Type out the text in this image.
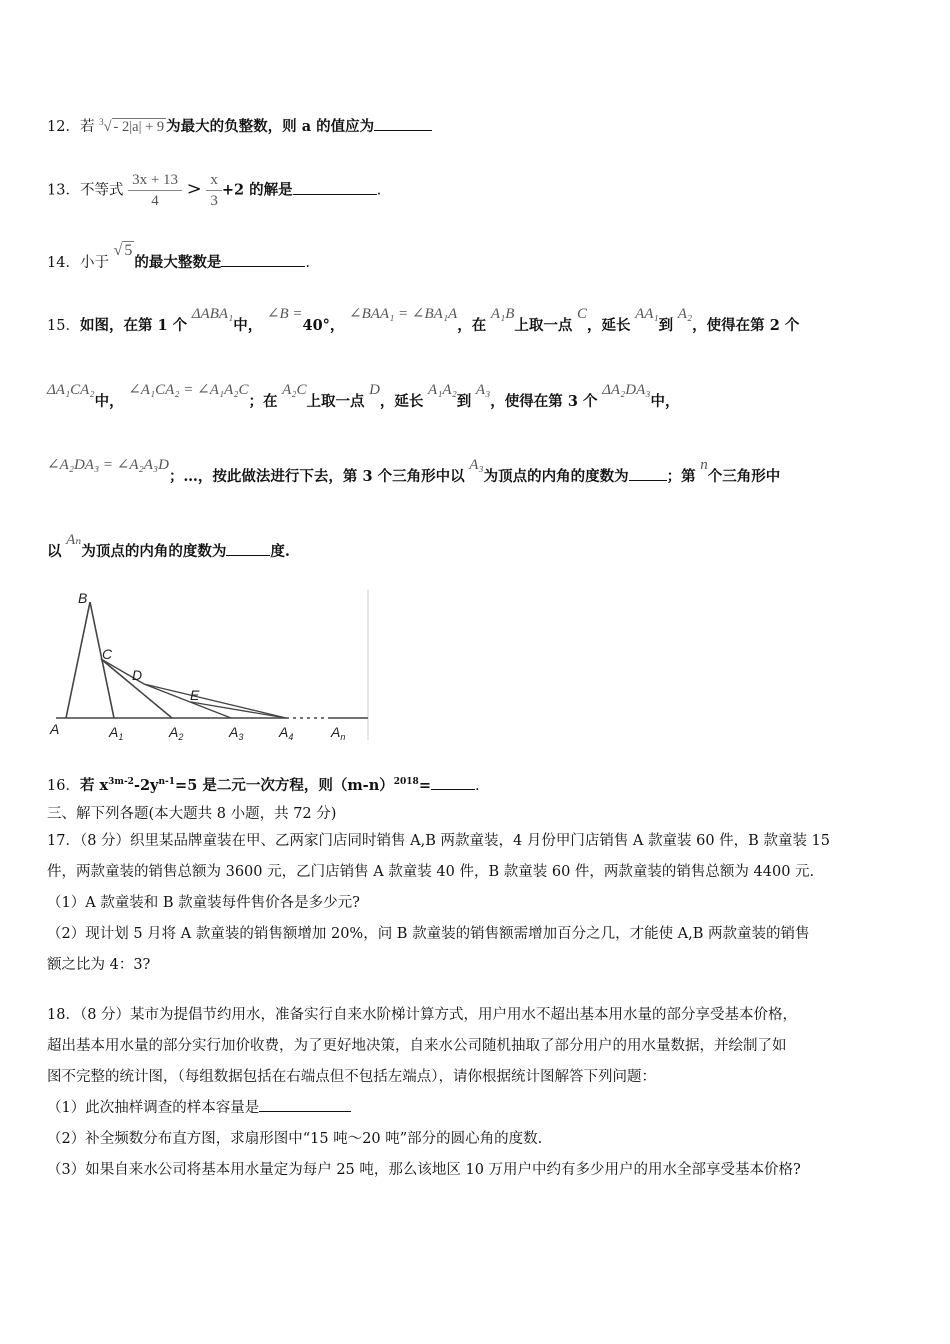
12．若 $^3$√ - 2|a| + 9 为最大的负整数，则 a 的值应为
13．不等式 $\frac{3x + 13}{4} > \frac{x}{3} +2$ 的解是	.
14．小于 √ 5的最大整数是	.
15．如图，在第 1 个 ΔABA₁中， ∠B =40°， ∠BAA₁ = ∠BA₁A，在 A₁B上取一点 C，延长 AA₁到 A₂，使得在第 2 个
ΔA₁CA₂中， ∠A₁CA₂ = ∠A₁A₂C；在 A₂C上取一点 D，延长 A₁A₂到 A₃，使得在第 3 个 ΔA₂DA₃中，
∠A₂DA₃ = ∠A₂A₃D；…，按此做法进行下去，第 3 个三角形中以 A₃为顶点的内角的度数为	；第 n个三角形中
以 Aₙ为顶点的内角的度数为	度.
B
C
D
E
A	$A_1$	$A_2$	$A_3$	$A_4$	$A_n$
16．若 $x^{3m-2}-2y^{n-1}=5$ 是二元一次方程，则$(m-n)^{2018}=$	.
三、解下列各题(本大题共 8 小题，共 72 分)
17．（8 分）织里某品牌童装在甲、乙两家门店同时销售 A,B 两款童装，4 月份甲门店销售 A 款童装 60 件，B 款童装 15
件，两款童装的销售总额为 3600 元，乙门店销售 A 款童装 40 件，B 款童装 60 件，两款童装的销售总额为 4400 元.
（1）A 款童装和 B 款童装每件售价各是多少元?
（2）现计划 5 月将 A 款童装的销售额增加 20%，问 B 款童装的销售额需增加百分之几，才能使 A,B 两款童装的销售
额之比为 4：3?
18．（8 分）某市为提倡节约用水，准备实行自来水阶梯计算方式，用户用水不超出基本用水量的部分享受基本价格，
超出基本用水量的部分实行加价收费，为了更好地决策，自来水公司随机抽取了部分用户的用水量数据，并绘制了如
图不完整的统计图，（每组数据包括在右端点但不包括左端点），请你根据统计图解答下列问题：
（1）此次抽样调查的样本容量是
（2）补全频数分布直方图，求扇形图中“15 吨～20 吨”部分的圆心角的度数.
（3）如果自来水公司将基本用水量定为每户 25 吨，那么该地区 10 万用户中约有多少用户的用水全部享受基本价格?
